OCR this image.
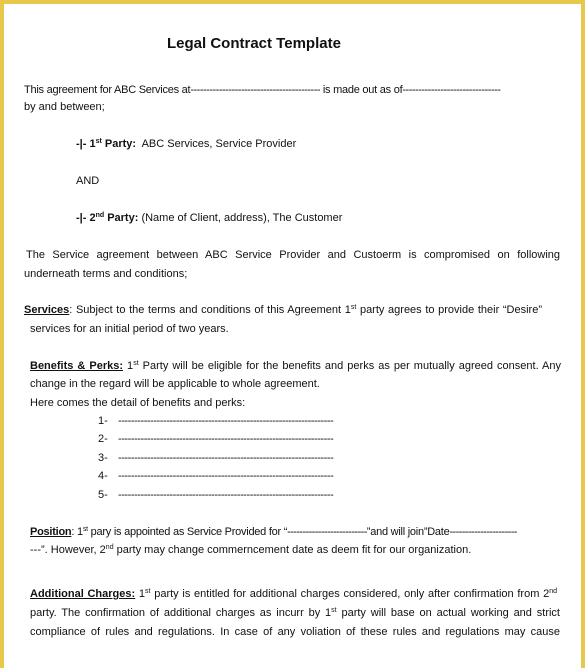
Legal Contract Template
This agreement for ABC Services at----------------------------------------- is made out as of-------------------------------
by and between;
-|- 1st Party:  ABC Services, Service Provider
AND
-|- 2nd Party: (Name of Client, address), The Customer
The Service agreement between ABC Service Provider and Custoerm is compromised on following
underneath terms and conditions;
Services: Subject to the terms and conditions of this Agreement 1st party agrees to provide their “Desire”
services for an initial period of two years.
Benefits & Perks: 1st Party will be eligible for the benefits and perks as per mutually agreed consent. Any
change in the regard will be applicable to whole agreement.
Here comes the detail of benefits and perks:
1- -------------------------------------------------------------------
2- -------------------------------------------------------------------
3- -------------------------------------------------------------------
4- -------------------------------------------------------------------
5- -------------------------------------------------------------------
Position: 1st pary is appointed as Service Provided for “--------------------------”and will join”Date----------------------
---”. However, 2nd party may change commerncement date as deem fit for our organization.
Additional Charges: 1st party is entitled for additional charges considered, only after confirmation from 2nd
party. The confirmation of additional charges as incurr by 1st party will base on actual working and strict
compliance of rules and regulations. In case of any voliation of these rules and regulations may cause
